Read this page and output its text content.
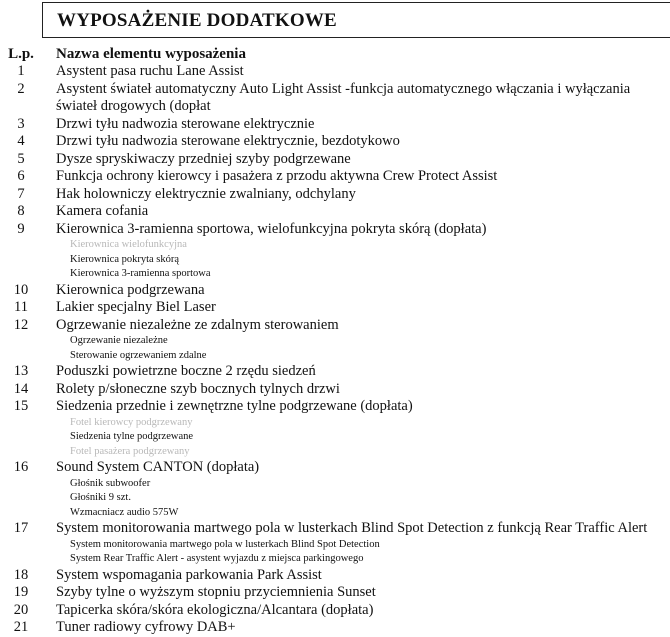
WYPOSAŻENIE DODATKOWE
L.p.	Nazwa elementu wyposażenia
1	Asystent pasa ruchu Lane Assist
2	Asystent świateł automatyczny Auto Light Assist -funkcja automatycznego włączania i wyłączania świateł drogowych (dopłat
3	Drzwi tyłu nadwozia sterowane elektrycznie
4	Drzwi tyłu nadwozia sterowane elektrycznie, bezdotykowo
5	Dysze spryskiwaczy przedniej szyby podgrzewane
6	Funkcja ochrony kierowcy i pasażera z przodu aktywna Crew Protect Assist
7	Hak holowniczy elektrycznie zwalniany, odchylany
8	Kamera cofania
9	Kierownica 3-ramienna sportowa, wielofunkcyjna pokryta skórą (dopłata)
Kierownica wielofunkcyjna
Kierownica pokryta skórą
Kierownica 3-ramienna sportowa
10	Kierownica podgrzewana
11	Lakier specjalny Biel Laser
12	Ogrzewanie niezależne ze zdalnym sterowaniem
Ogrzewanie niezależne
Sterowanie ogrzewaniem zdalne
13	Poduszki powietrzne boczne 2 rzędu siedzeń
14	Rolety p/słoneczne szyb bocznych tylnych drzwi
15	Siedzenia przednie i zewnętrzne tylne podgrzewane (dopłata)
Fotel kierowcy podgrzewany
Siedzenia tylne podgrzewane
Fotel pasażera podgrzewany
16	Sound System CANTON (dopłata)
Głośnik subwoofer
Głośniki 9 szt.
Wzmacniacz audio 575W
17	System monitorowania martwego pola w lusterkach Blind Spot Detection z funkcją Rear Traffic Alert
System monitorowania martwego pola w lusterkach Blind Spot Detection
System Rear Traffic Alert - asystent wyjazdu z miejsca parkingowego
18	System wspomagania parkowania Park Assist
19	Szyby tylne o wyższym stopniu przyciemnienia Sunset
20	Tapicerka skóra/skóra ekologiczna/Alcantara (dopłata)
21	Tuner radiowy cyfrowy DAB+
